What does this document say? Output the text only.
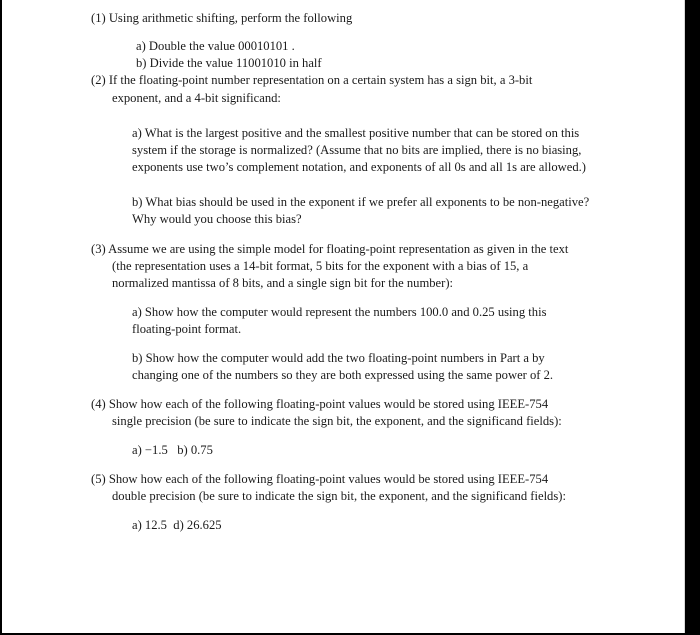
(1) Using arithmetic shifting, perform the following
a) Double the value 00010101 .
b) Divide the value 11001010 in half
(2) If the floating-point number representation on a certain system has a sign bit, a 3-bit
exponent, and a 4-bit significand:
a) What is the largest positive and the smallest positive number that can be stored on this
system if the storage is normalized? (Assume that no bits are implied, there is no biasing,
exponents use two’s complement notation, and exponents of all 0s and all 1s are allowed.)
b) What bias should be used in the exponent if we prefer all exponents to be non-negative?
Why would you choose this bias?
(3) Assume we are using the simple model for floating-point representation as given in the text
(the representation uses a 14-bit format, 5 bits for the exponent with a bias of 15, a
normalized mantissa of 8 bits, and a single sign bit for the number):
a) Show how the computer would represent the numbers 100.0 and 0.25 using this
floating-point format.
b) Show how the computer would add the two floating-point numbers in Part a by
changing one of the numbers so they are both expressed using the same power of 2.
(4) Show how each of the following floating-point values would be stored using IEEE-754
single precision (be sure to indicate the sign bit, the exponent, and the significand fields):
a) −1.5   b) 0.75
(5) Show how each of the following floating-point values would be stored using IEEE-754
double precision (be sure to indicate the sign bit, the exponent, and the significand fields):
a) 12.5  d) 26.625
